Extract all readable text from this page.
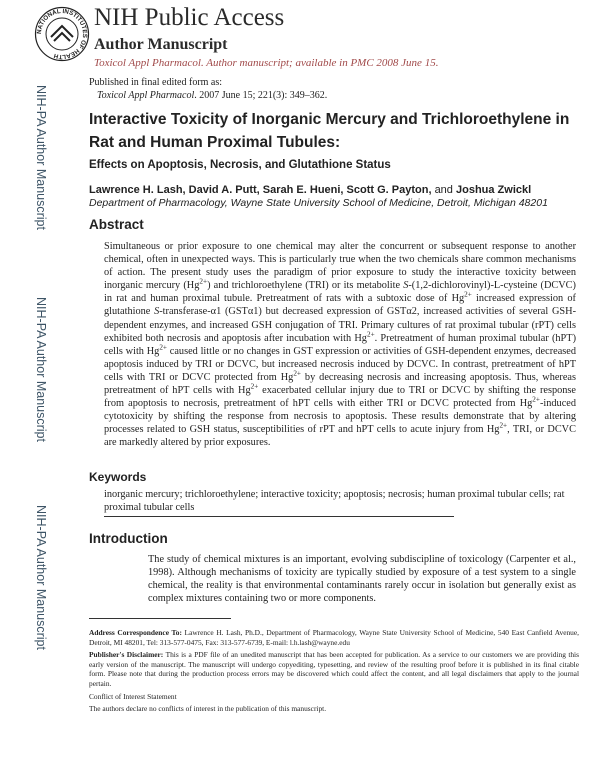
NATIONAL INSTITUTES OF HEALTH
NIH Public Access
Author Manuscript
Toxicol Appl Pharmacol. Author manuscript; available in PMC 2008 June 15.
NIH-PA Author Manuscript
NIH-PA Author Manuscript
NIH-PA Author Manuscript
Published in final edited form as:
Toxicol Appl Pharmacol. 2007 June 15; 221(3): 349–362.
Interactive Toxicity of Inorganic Mercury and Trichloroethylene in Rat and Human Proximal Tubules:
Effects on Apoptosis, Necrosis, and Glutathione Status
Lawrence H. Lash, David A. Putt, Sarah E. Hueni, Scott G. Payton, and Joshua Zwickl
Department of Pharmacology, Wayne State University School of Medicine, Detroit, Michigan 48201
Abstract
Simultaneous or prior exposure to one chemical may alter the concurrent or subsequent response to another chemical, often in unexpected ways. This is particularly true when the two chemicals share common mechanisms of action. The present study uses the paradigm of prior exposure to study the interactive toxicity between inorganic mercury $(Hg^{2+})$ and trichloroethylene (TRI) or its metabolite S-(1,2-dichlorovinyl)-L-cysteine (DCVC) in rat and human proximal tubule. Pretreatment of rats with a subtoxic dose of $Hg^{2+}$ increased expression of glutathione S-transferase-α1 (GSTα1) but decreased expression of GSTα2, increased activities of several GSH-dependent enzymes, and increased GSH conjugation of TRI. Primary cultures of rat proximal tubular (rPT) cells exhibited both necrosis and apoptosis after incubation with $Hg^{2+}$. Pretreatment of human proximal tubular (hPT) cells with $Hg^{2+}$ caused little or no changes in GST expression or activities of GSH-dependent enzymes, decreased apoptosis induced by TRI or DCVC, but increased necrosis induced by DCVC. In contrast, pretreatment of hPT cells with TRI or DCVC protected from $Hg^{2+}$ by decreasing necrosis and increasing apoptosis. Thus, whereas pretreatment of hPT cells with $Hg^{2+}$ exacerbated cellular injury due to TRI or DCVC by shifting the response from apoptosis to necrosis, pretreatment of hPT cells with either TRI or DCVC protected from $Hg^{2+}$-induced cytotoxicity by shifting the response from necrosis to apoptosis. These results demonstrate that by altering processes related to GSH status, susceptibilities of rPT and hPT cells to acute injury from $Hg^{2+}$, TRI, or DCVC are markedly altered by prior exposures.
Keywords
inorganic mercury; trichloroethylene; interactive toxicity; apoptosis; necrosis; human proximal tubular cells; rat proximal tubular cells
Introduction
The study of chemical mixtures is an important, evolving subdiscipline of toxicology (Carpenter et al., 1998). Although mechanisms of toxicity are typically studied by exposure of a test system to a single chemical, the reality is that environmental contaminants rarely occur in isolation but generally exist as complex mixtures containing two or more components.

Address Correspondence To: Lawrence H. Lash, Ph.D., Department of Pharmacology, Wayne State University School of Medicine, 540 East Canfield Avenue, Detroit, MI 48201, Tel: 313-577-0475, Fax: 313-577-6739, E-mail: l.h.lash@wayne.edu

Publisher's Disclaimer: This is a PDF file of an unedited manuscript that has been accepted for publication. As a service to our customers we are providing this early version of the manuscript. The manuscript will undergo copyediting, typesetting, and review of the resulting proof before it is published in its final citable form. Please note that during the production process errors may be discovered which could affect the content, and all legal disclaimers that apply to the journal pertain.

Conflict of Interest Statement

The authors declare no conflicts of interest in the publication of this manuscript.
